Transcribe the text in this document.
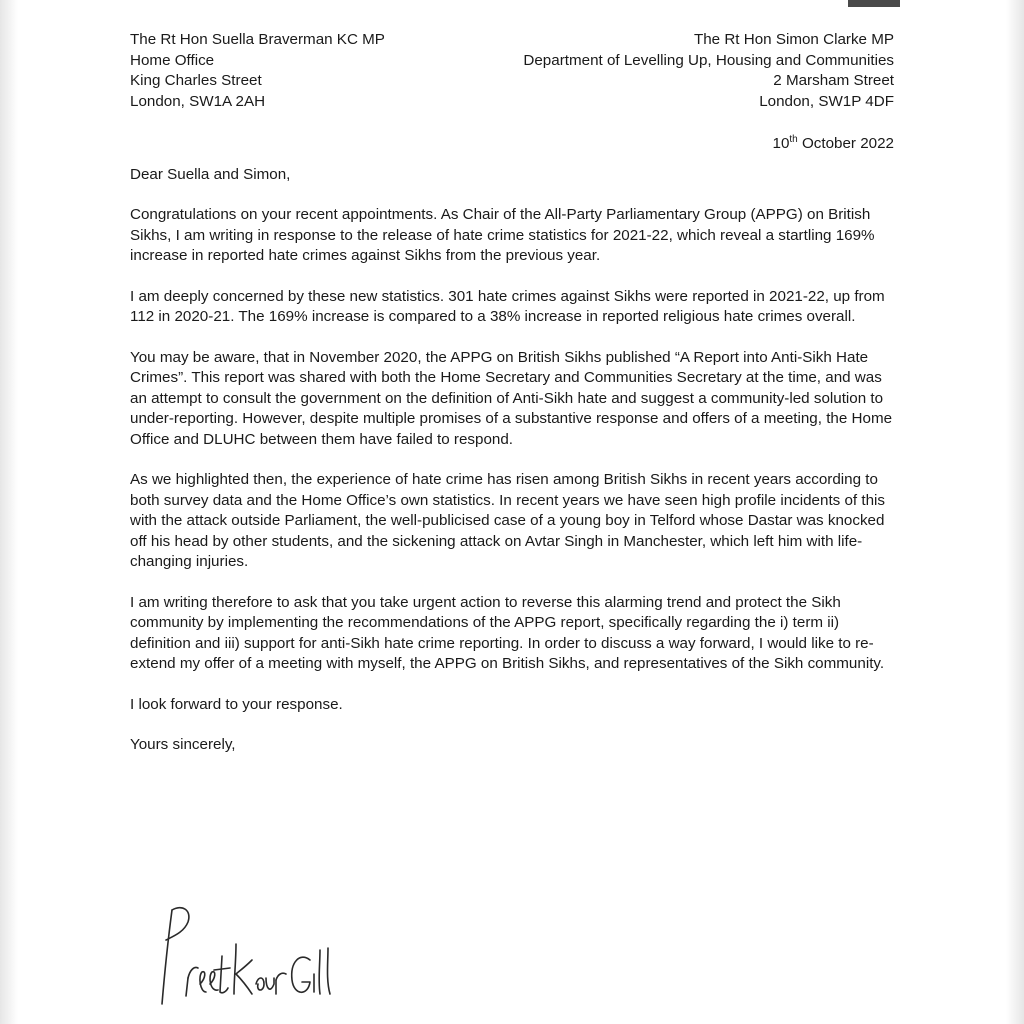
The Rt Hon Suella Braverman KC MP

Home Office

King Charles Street

London, SW1A 2AH

The Rt Hon Simon Clarke MP

Department of Levelling Up, Housing and Communities

2 Marsham Street

London, SW1P 4DF

10th October 2022

Dear Suella and Simon,

Congratulations on your recent appointments. As Chair of the All-Party Parliamentary Group (APPG) on British Sikhs, I am writing in response to the release of hate crime statistics for 2021-22, which reveal a startling 169% increase in reported hate crimes against Sikhs from the previous year.

I am deeply concerned by these new statistics. 301 hate crimes against Sikhs were reported in 2021-22, up from 112 in 2020-21. The 169% increase is compared to a 38% increase in reported religious hate crimes overall.

You may be aware, that in November 2020, the APPG on British Sikhs published “A Report into Anti-Sikh Hate Crimes”. This report was shared with both the Home Secretary and Communities Secretary at the time, and was an attempt to consult the government on the definition of Anti-Sikh hate and suggest a community-led solution to under-reporting. However, despite multiple promises of a substantive response and offers of a meeting, the Home Office and DLUHC between them have failed to respond.

As we highlighted then, the experience of hate crime has risen among British Sikhs in recent years according to both survey data and the Home Office’s own statistics. In recent years we have seen high profile incidents of this with the attack outside Parliament, the well-publicised case of a young boy in Telford whose Dastar was knocked off his head by other students, and the sickening attack on Avtar Singh in Manchester, which left him with life-changing injuries.

I am writing therefore to ask that you take urgent action to reverse this alarming trend and protect the Sikh community by implementing the recommendations of the APPG report, specifically regarding the i) term ii) definition and iii) support for anti-Sikh hate crime reporting. In order to discuss a way forward, I would like to re-extend my offer of a meeting with myself, the APPG on British Sikhs, and representatives of the Sikh community.

I look forward to your response.

Yours sincerely,
